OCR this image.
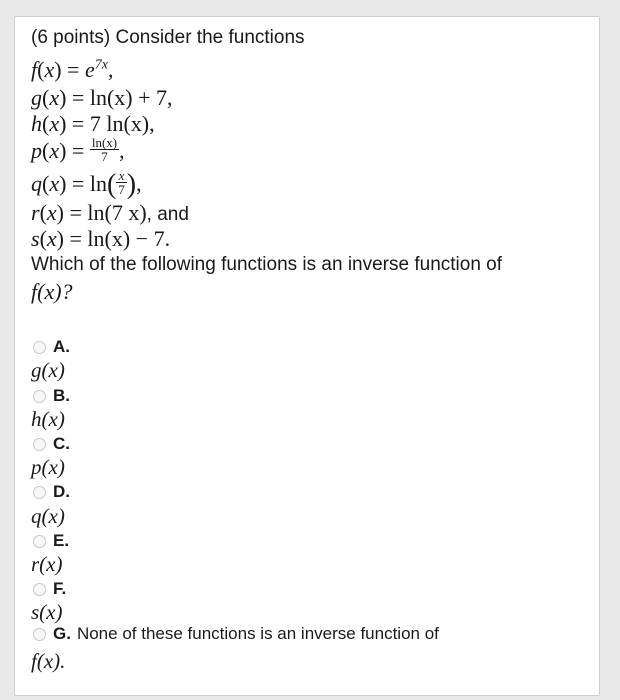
(6 points) Consider the functions
$f(x) = e^{7x}$,
g(x) = ln(x) + 7,
h(x) = 7 ln(x),
$p(x) = \frac{\ln(x)}{7}$ ,
$q(x) = \ln( \frac{x}{7}$ ),
r(x) = ln(7 x), and
s(x) = ln(x) − 7.
Which of the following functions is an inverse function of
f(x)?
A.
g(x)
B.
h(x)
C.
p(x)
D.
q(x)
E.
r(x)
F.
s(x)
G. None of these functions is an inverse function of
f(x).
